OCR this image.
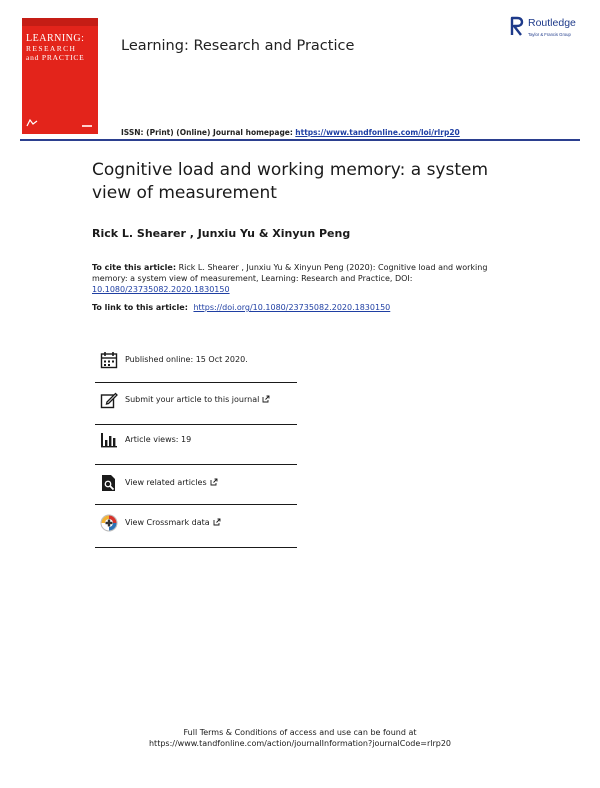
LEARNING:
RESEARCH
and PRACTICE
Learning: Research and Practice
ISSN: (Print) (Online) Journal homepage: https://www.tandfonline.com/loi/rlrp20
Routledge
Taylor & Francis Group
Cognitive load and working memory: a system view of measurement
Rick L. Shearer , Junxiu Yu & Xinyun Peng
To cite this article: Rick L. Shearer , Junxiu Yu & Xinyun Peng (2020): Cognitive load and working memory: a system view of measurement, Learning: Research and Practice, DOI: 10.1080/23735082.2020.1830150
To link to this article: https://doi.org/10.1080/23735082.2020.1830150
Published online: 15 Oct 2020.
Submit your article to this journal
Article views: 19
View related articles
View Crossmark data
Full Terms & Conditions of access and use can be found at
https://www.tandfonline.com/action/journalInformation?journalCode=rlrp20
